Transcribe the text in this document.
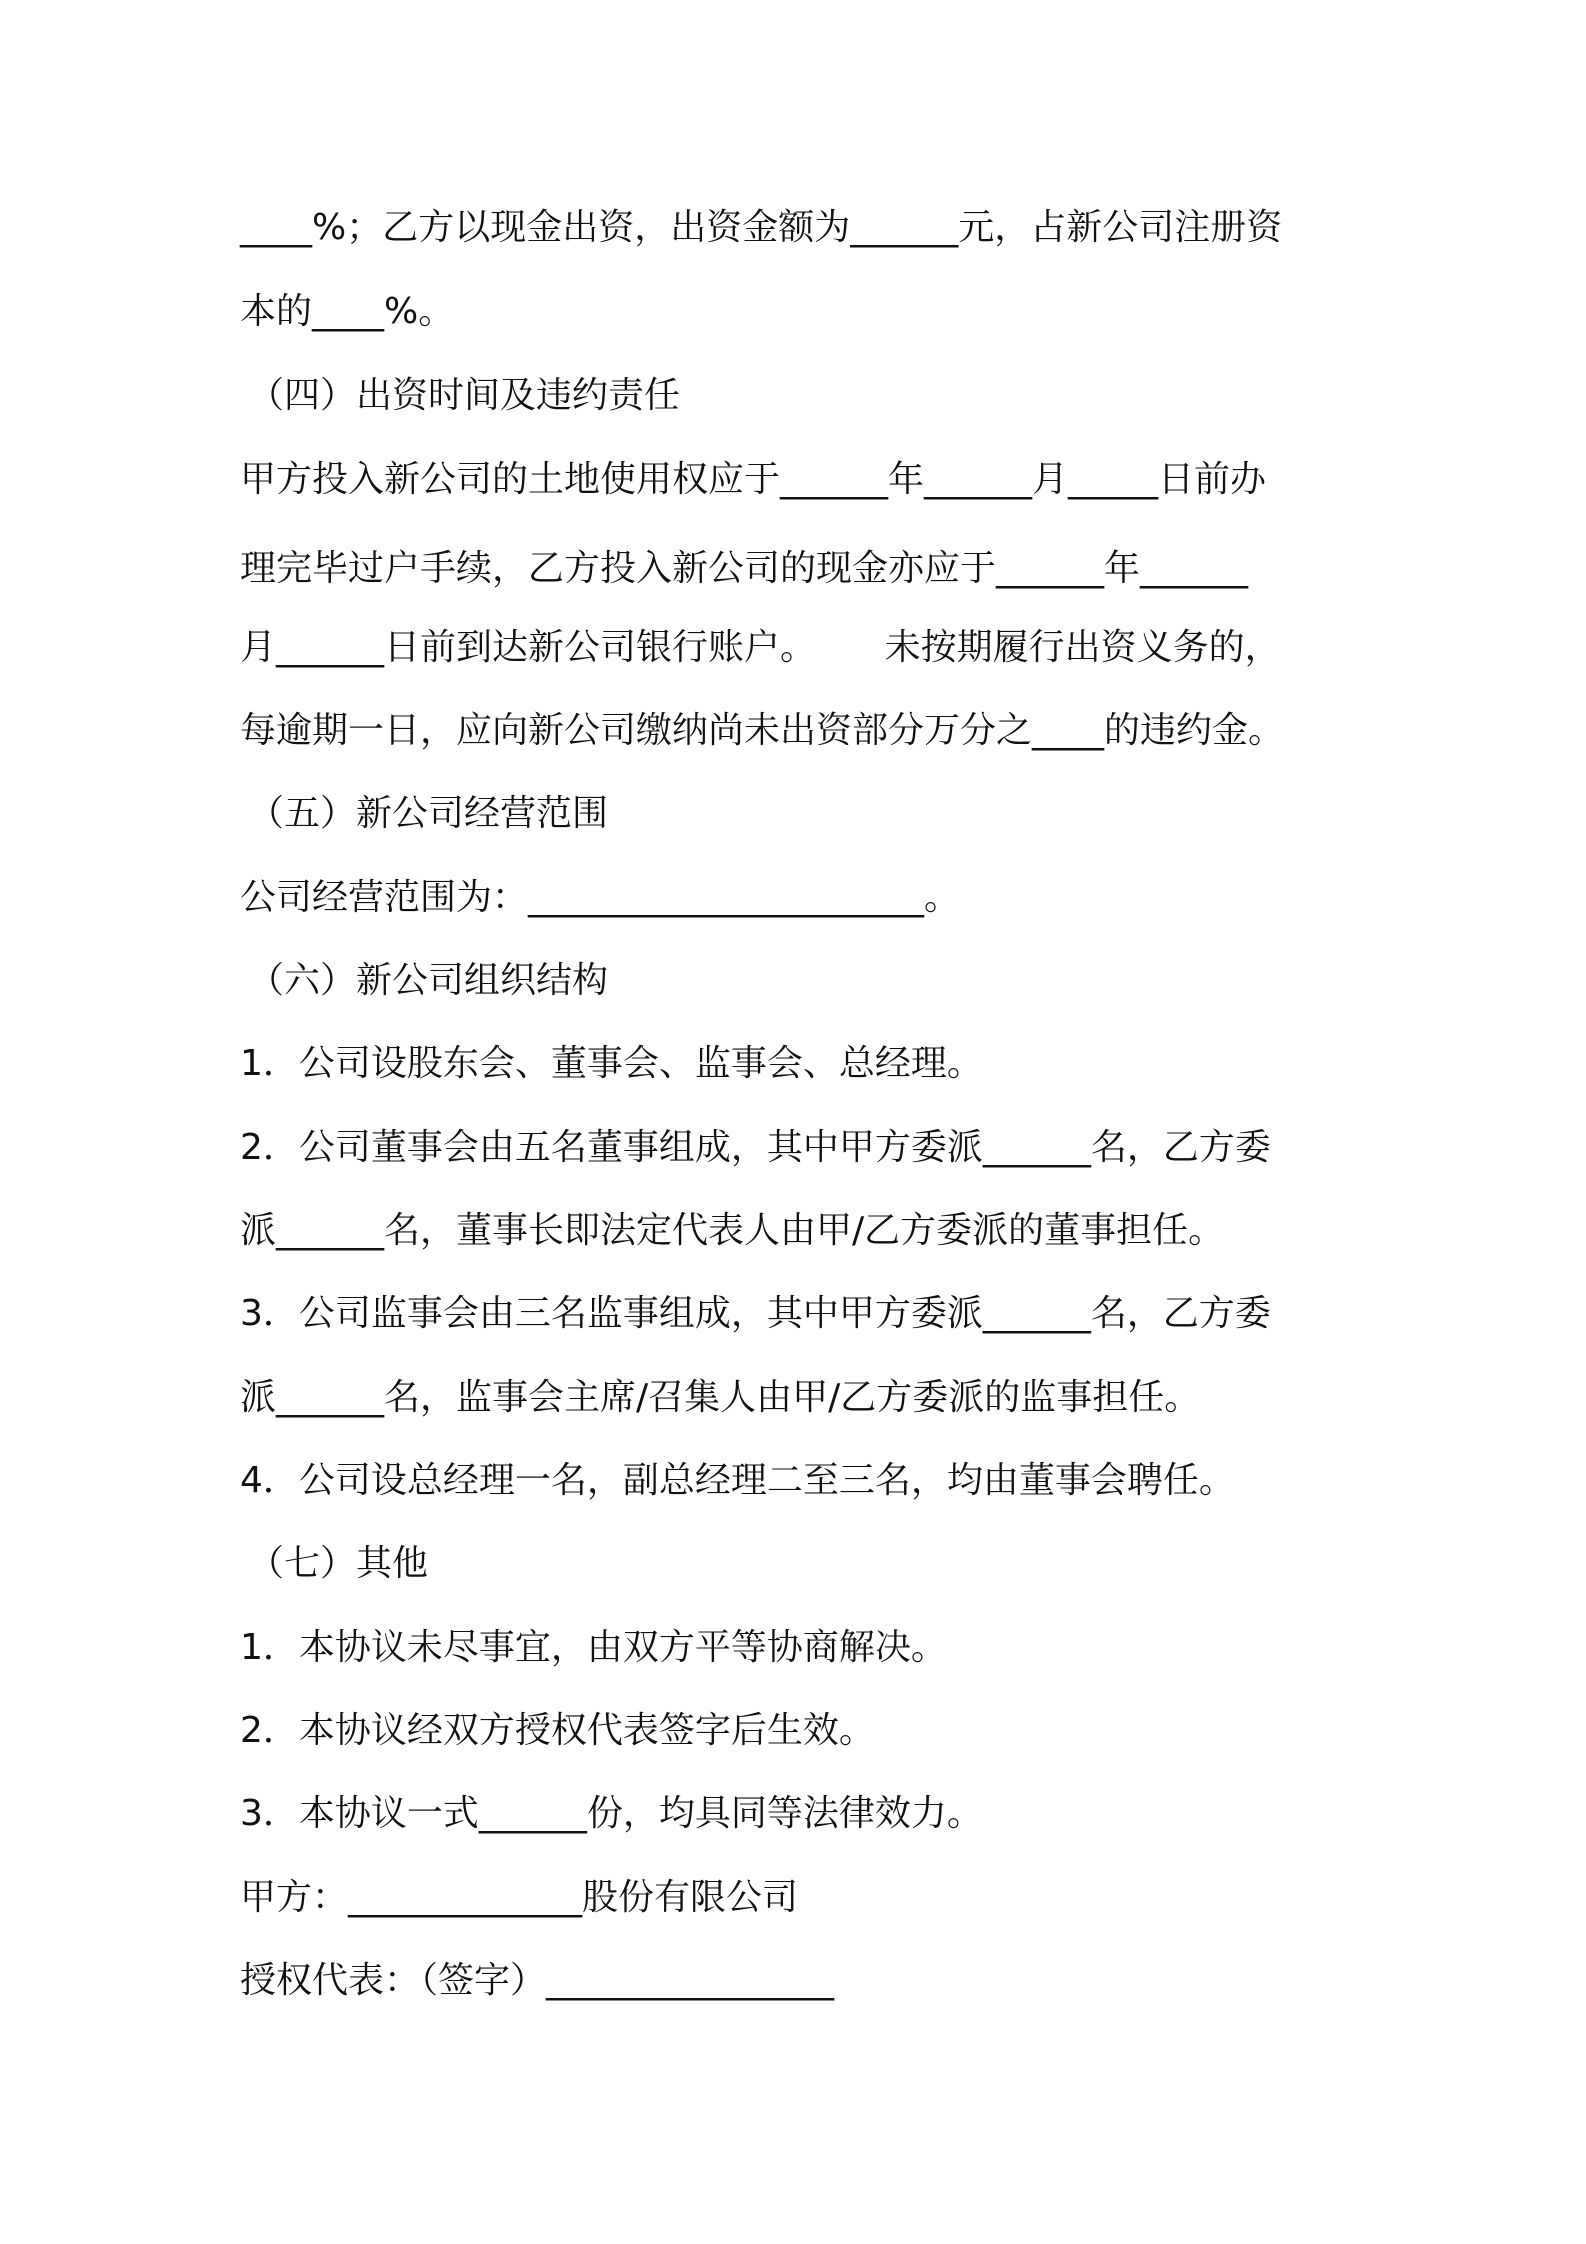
____%；乙方以现金出资，出资金额为______元，占新公司注册资
本的____%。
（四）出资时间及违约责任
甲方投入新公司的土地使用权应于______年______月_____日前办
理完毕过户手续，乙方投入新公司的现金亦应于______年______
月______日前到达新公司银行账户。      未按期履行出资义务的，
每逾期一日，应向新公司缴纳尚未出资部分万分之____的违约金。
（五）新公司经营范围
公司经营范围为：______________________。
（六）新公司组织结构
1．公司设股东会、董事会、监事会、总经理。
2．公司董事会由五名董事组成，其中甲方委派______名，乙方委
派______名，董事长即法定代表人由甲/乙方委派的董事担任。
3．公司监事会由三名监事组成，其中甲方委派______名，乙方委
派______名，监事会主席/召集人由甲/乙方委派的监事担任。
4．公司设总经理一名，副总经理二至三名，均由董事会聘任。
（七）其他
1．本协议未尽事宜，由双方平等协商解决。
2．本协议经双方授权代表签字后生效。
3．本协议一式______份，均具同等法律效力。
甲方：_____________股份有限公司
授权代表：（签字）________________
